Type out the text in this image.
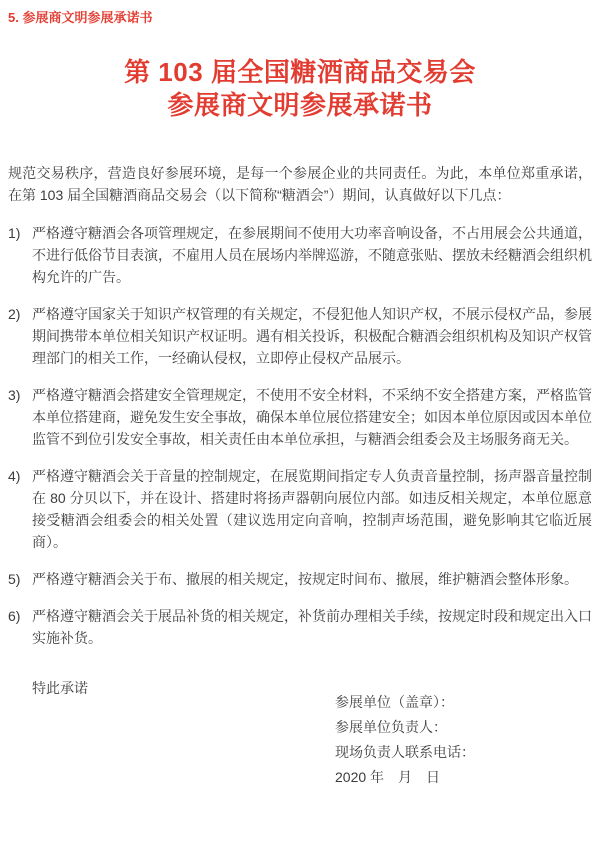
5. 参展商文明参展承诺书
第 103 届全国糖酒商品交易会
参展商文明参展承诺书

规范交易秩序，营造良好参展环境，是每一个参展企业的共同责任。为此，本单位郑重承诺，在第 103 届全国糖酒商品交易会（以下简称“糖酒会”）期间，认真做好以下几点：

1) 严格遵守糖酒会各项管理规定，在参展期间不使用大功率音响设备，不占用展会公共通道，不进行低俗节目表演，不雇用人员在展场内举牌巡游，不随意张贴、摆放未经糖酒会组织机构允许的广告。
2) 严格遵守国家关于知识产权管理的有关规定，不侵犯他人知识产权，不展示侵权产品，参展期间携带本单位相关知识产权证明。遇有相关投诉，积极配合糖酒会组织机构及知识产权管理部门的相关工作，一经确认侵权，立即停止侵权产品展示。
3) 严格遵守糖酒会搭建安全管理规定，不使用不安全材料，不采纳不安全搭建方案，严格监管本单位搭建商，避免发生安全事故，确保本单位展位搭建安全；如因本单位原因或因本单位监管不到位引发安全事故，相关责任由本单位承担，与糖酒会组委会及主场服务商无关。
4) 严格遵守糖酒会关于音量的控制规定，在展览期间指定专人负责音量控制，扬声器音量控制在 80 分贝以下，并在设计、搭建时将扬声器朝向展位内部。如违反相关规定，本单位愿意接受糖酒会组委会的相关处置（建议选用定向音响，控制声场范围，避免影响其它临近展商）。
5) 严格遵守糖酒会关于布、撤展的相关规定，按规定时间布、撤展，维护糖酒会整体形象。
6) 严格遵守糖酒会关于展品补货的相关规定，补货前办理相关手续，按规定时段和规定出入口实施补货。

特此承诺

参展单位（盖章）：
参展单位负责人：
现场负责人联系电话：
2020 年　月　日
